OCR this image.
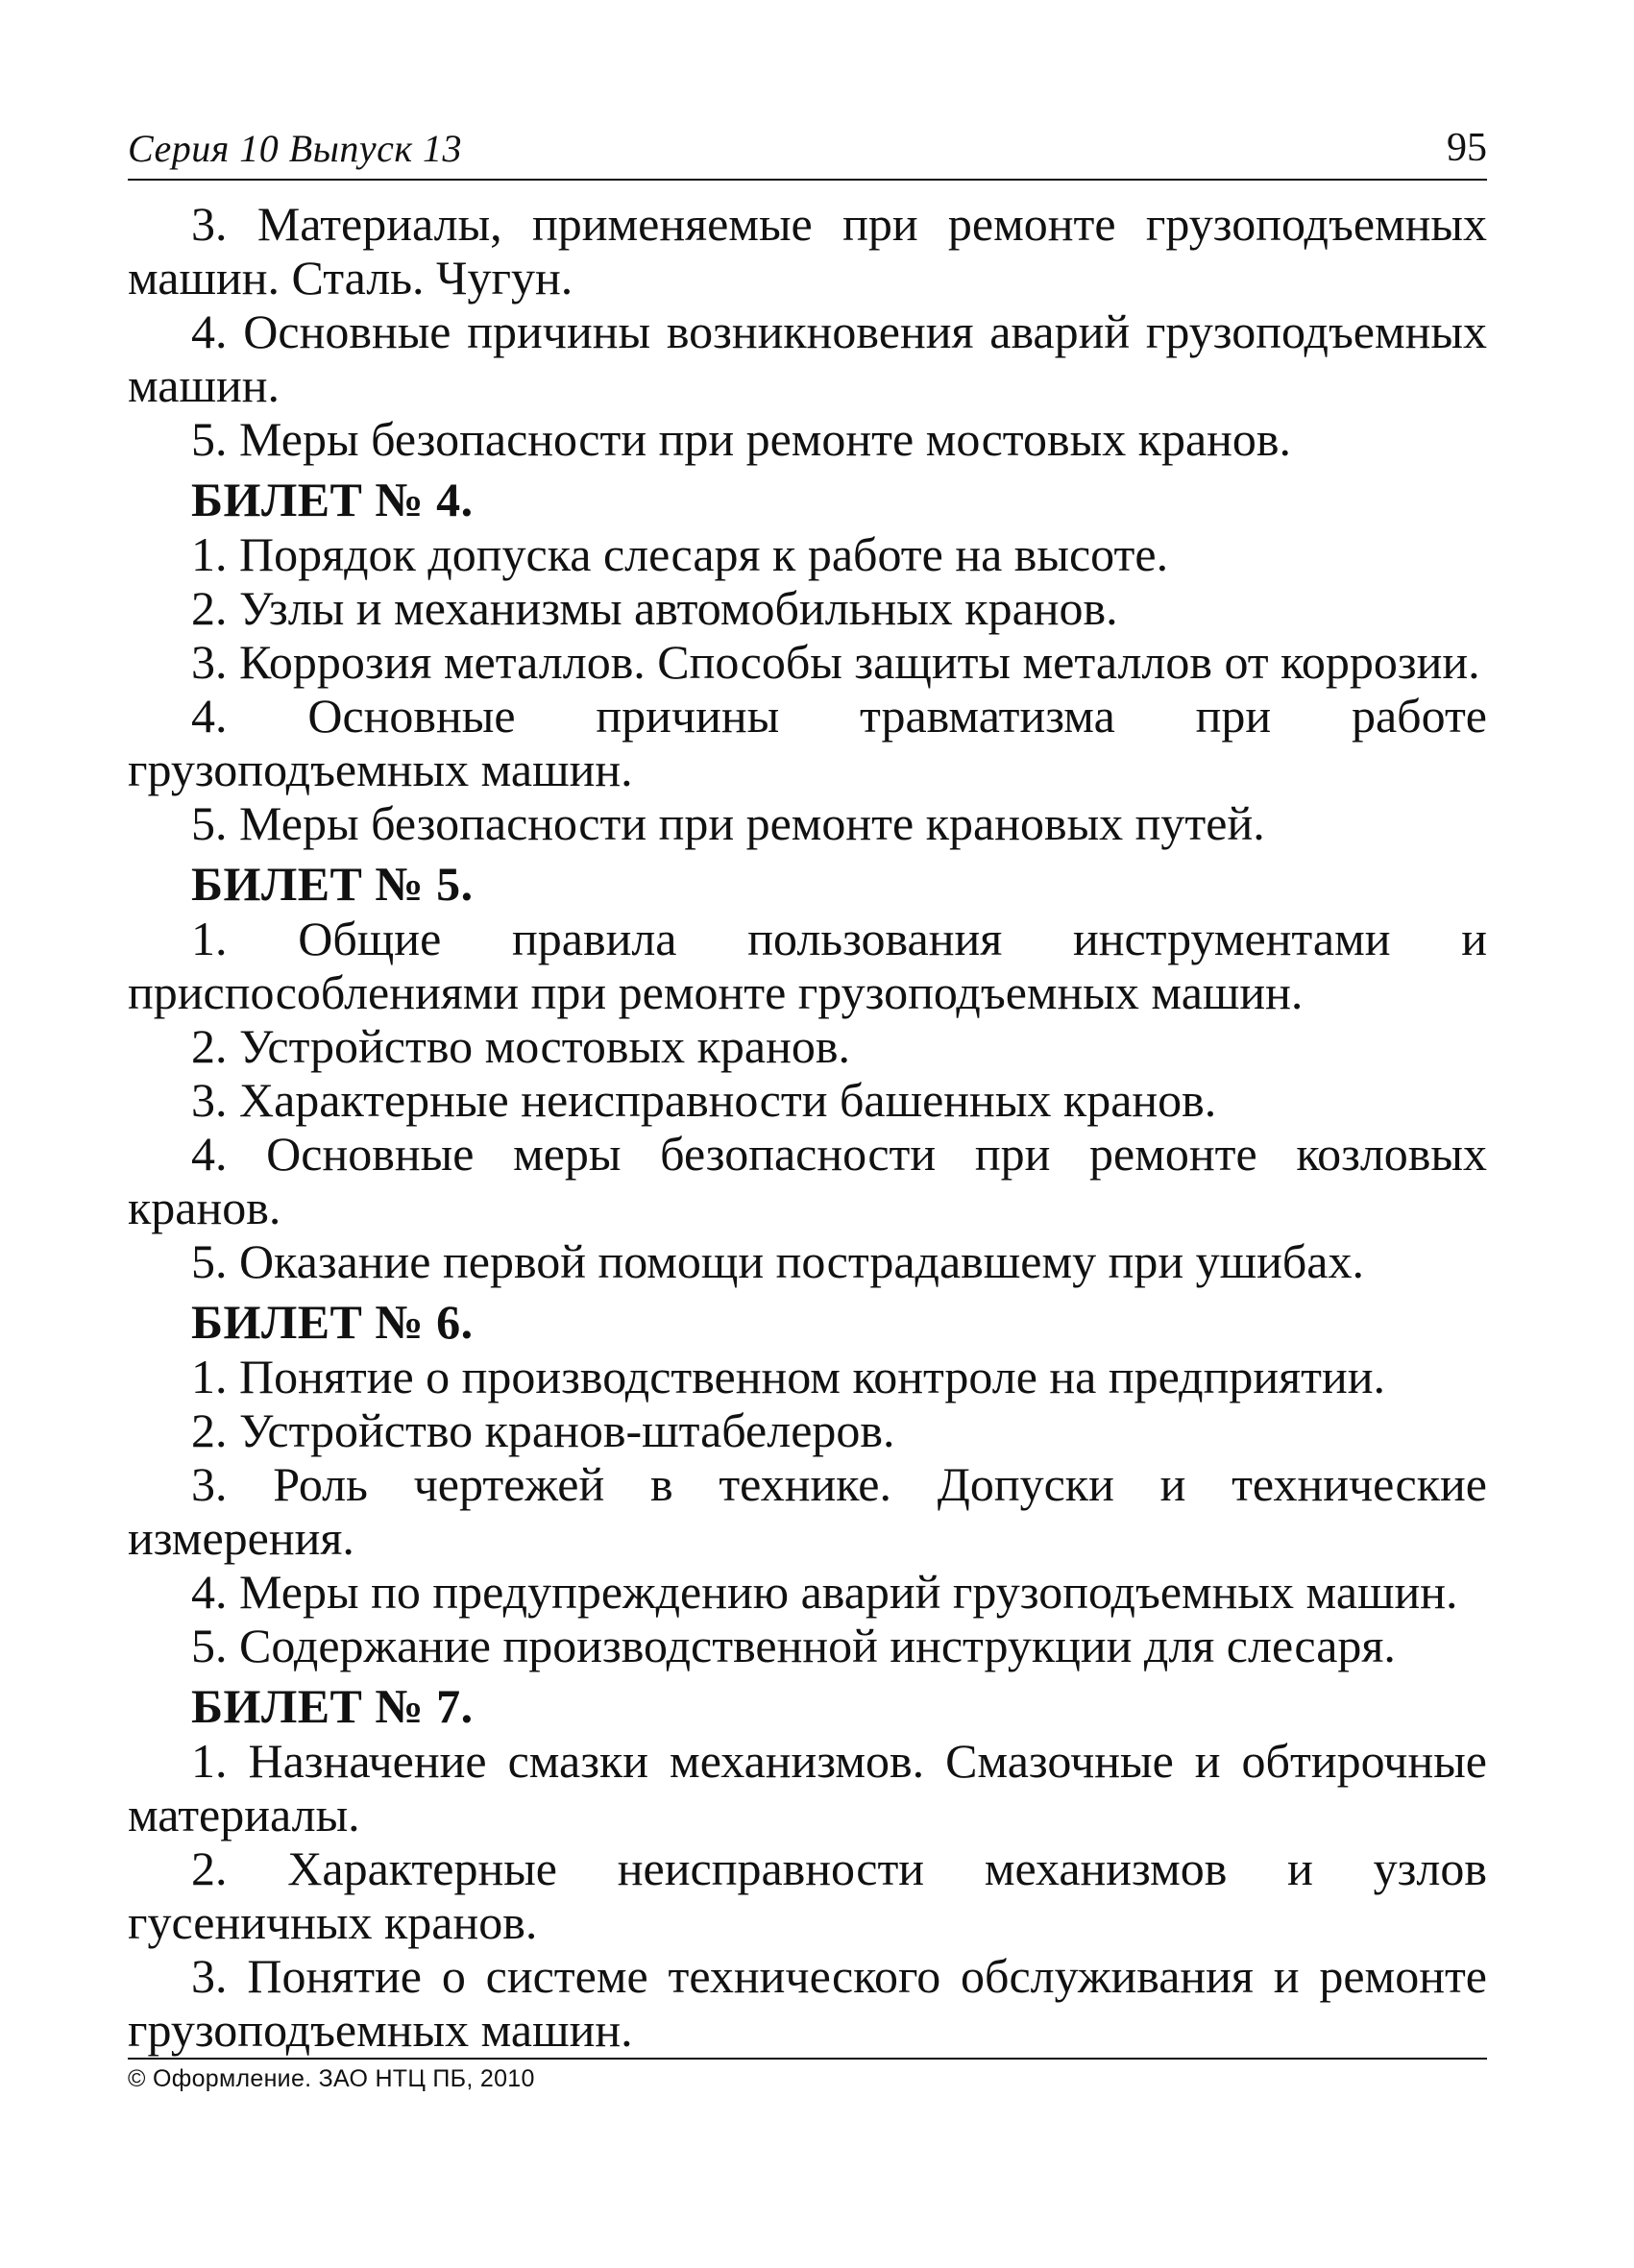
Серия 10 Выпуск 13	95

3. Материалы, применяемые при ремонте грузоподъемных машин. Сталь. Чугун.

4. Основные причины возникновения аварий грузоподъемных машин.

5. Меры безопасности при ремонте мостовых кранов.

БИЛЕТ № 4.

1. Порядок допуска слесаря к работе на высоте.

2. Узлы и механизмы автомобильных кранов.

3. Коррозия металлов. Способы защиты металлов от коррозии.

4. Основные причины травматизма при работе грузоподъемных машин.

5. Меры безопасности при ремонте крановых путей.

БИЛЕТ № 5.

1. Общие правила пользования инструментами и приспособлениями при ремонте грузоподъемных машин.

2. Устройство мостовых кранов.

3. Характерные неисправности башенных кранов.

4. Основные меры безопасности при ремонте козловых кранов.

5. Оказание первой помощи пострадавшему при ушибах.

БИЛЕТ № 6.

1. Понятие о производственном контроле на предприятии.

2. Устройство кранов-штабелеров.

3. Роль чертежей в технике. Допуски и технические измерения.

4. Меры по предупреждению аварий грузоподъемных машин.

5. Содержание производственной инструкции для слесаря.

БИЛЕТ № 7.

1. Назначение смазки механизмов. Смазочные и обтирочные материалы.

2. Характерные неисправности механизмов и узлов гусеничных кранов.

3. Понятие о системе технического обслуживания и ремонте грузоподъемных машин.

© Оформление. ЗАО НТЦ ПБ, 2010
